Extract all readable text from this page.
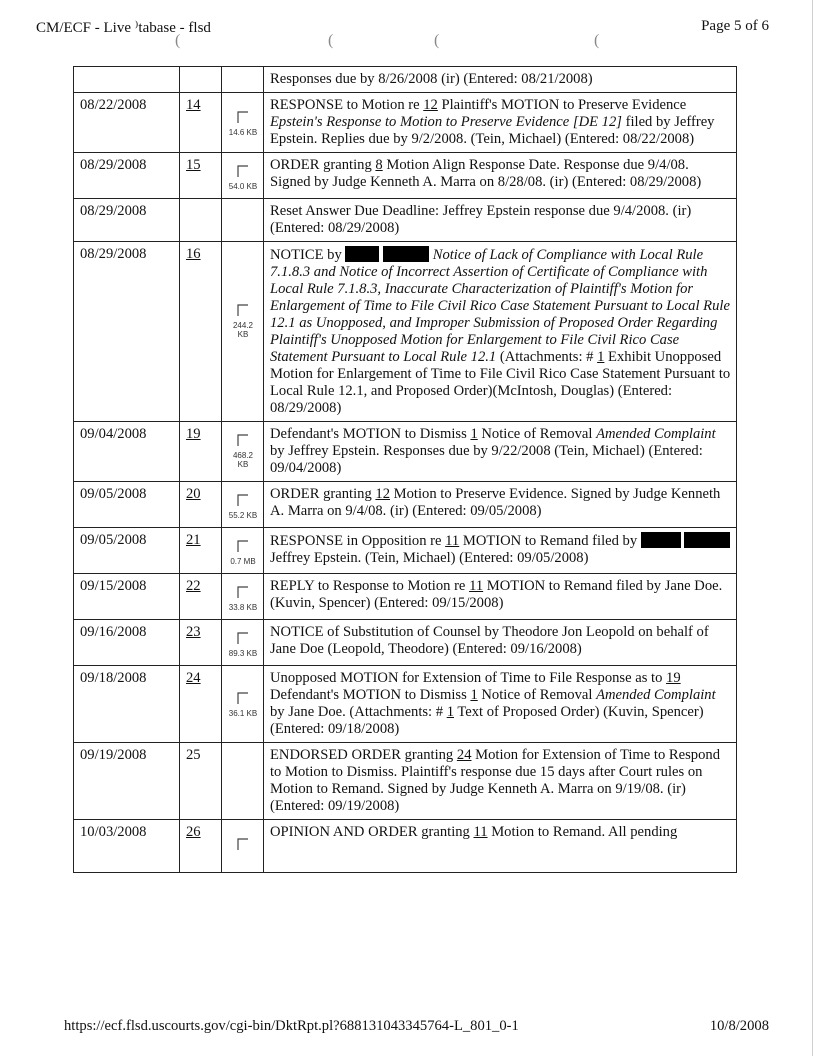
CM/ECF - Live ⁾tabase - flsd	Page 5 of 6
(	(	(	(
			Responses due by 8/26/2008 (ir) (Entered: 08/21/2008)
08/22/2008	14	14.6 KB	RESPONSE to Motion re 12 Plaintiff's MOTION to Preserve Evidence Epstein's Response to Motion to Preserve Evidence [DE 12] filed by Jeffrey Epstein. Replies due by 9/2/2008. (Tein, Michael) (Entered: 08/22/2008)
08/29/2008	15	54.0 KB	ORDER granting 8 Motion Align Response Date. Response due 9/4/08. Signed by Judge Kenneth A. Marra on 8/28/08. (ir) (Entered: 08/29/2008)
08/29/2008			Reset Answer Due Deadline: Jeffrey Epstein response due 9/4/2008. (ir) (Entered: 08/29/2008)
08/29/2008	16	244.2 KB	NOTICE by Notice of Lack of Compliance with Local Rule 7.1.8.3 and Notice of Incorrect Assertion of Certificate of Compliance with Local Rule 7.1.8.3, Inaccurate Characterization of Plaintiff's Motion for Enlargement of Time to File Civil Rico Case Statement Pursuant to Local Rule 12.1 as Unopposed, and Improper Submission of Proposed Order Regarding Plaintiff's Unopposed Motion for Enlargement to File Civil Rico Case Statement Pursuant to Local Rule 12.1 (Attachments: # 1 Exhibit Unopposed Motion for Enlargement of Time to File Civil Rico Case Statement Pursuant to Local Rule 12.1, and Proposed Order)(McIntosh, Douglas) (Entered: 08/29/2008)
09/04/2008	19	468.2 KB	Defendant's MOTION to Dismiss 1 Notice of Removal Amended Complaint by Jeffrey Epstein. Responses due by 9/22/2008 (Tein, Michael) (Entered: 09/04/2008)
09/05/2008	20	55.2 KB	ORDER granting 12 Motion to Preserve Evidence. Signed by Judge Kenneth A. Marra on 9/4/08. (ir) (Entered: 09/05/2008)
09/05/2008	21	0.7 MB	RESPONSE in Opposition re 11 MOTION to Remand filed by   Jeffrey Epstein. (Tein, Michael) (Entered: 09/05/2008)
09/15/2008	22	33.8 KB	REPLY to Response to Motion re 11 MOTION to Remand filed by Jane Doe. (Kuvin, Spencer) (Entered: 09/15/2008)
09/16/2008	23	89.3 KB	NOTICE of Substitution of Counsel by Theodore Jon Leopold on behalf of Jane Doe (Leopold, Theodore) (Entered: 09/16/2008)
09/18/2008	24	36.1 KB	Unopposed MOTION for Extension of Time to File Response as to 19 Defendant's MOTION to Dismiss 1 Notice of Removal Amended Complaint by Jane Doe. (Attachments: # 1 Text of Proposed Order) (Kuvin, Spencer) (Entered: 09/18/2008)
09/19/2008	25		ENDORSED ORDER granting 24 Motion for Extension of Time to Respond to Motion to Dismiss. Plaintiff's response due 15 days after Court rules on Motion to Remand. Signed by Judge Kenneth A. Marra on 9/19/08. (ir) (Entered: 09/19/2008)
10/03/2008	26		OPINION AND ORDER granting 11 Motion to Remand. All pending
https://ecf.flsd.uscourts.gov/cgi-bin/DktRpt.pl?688131043345764-L_801_0-1	10/8/2008
